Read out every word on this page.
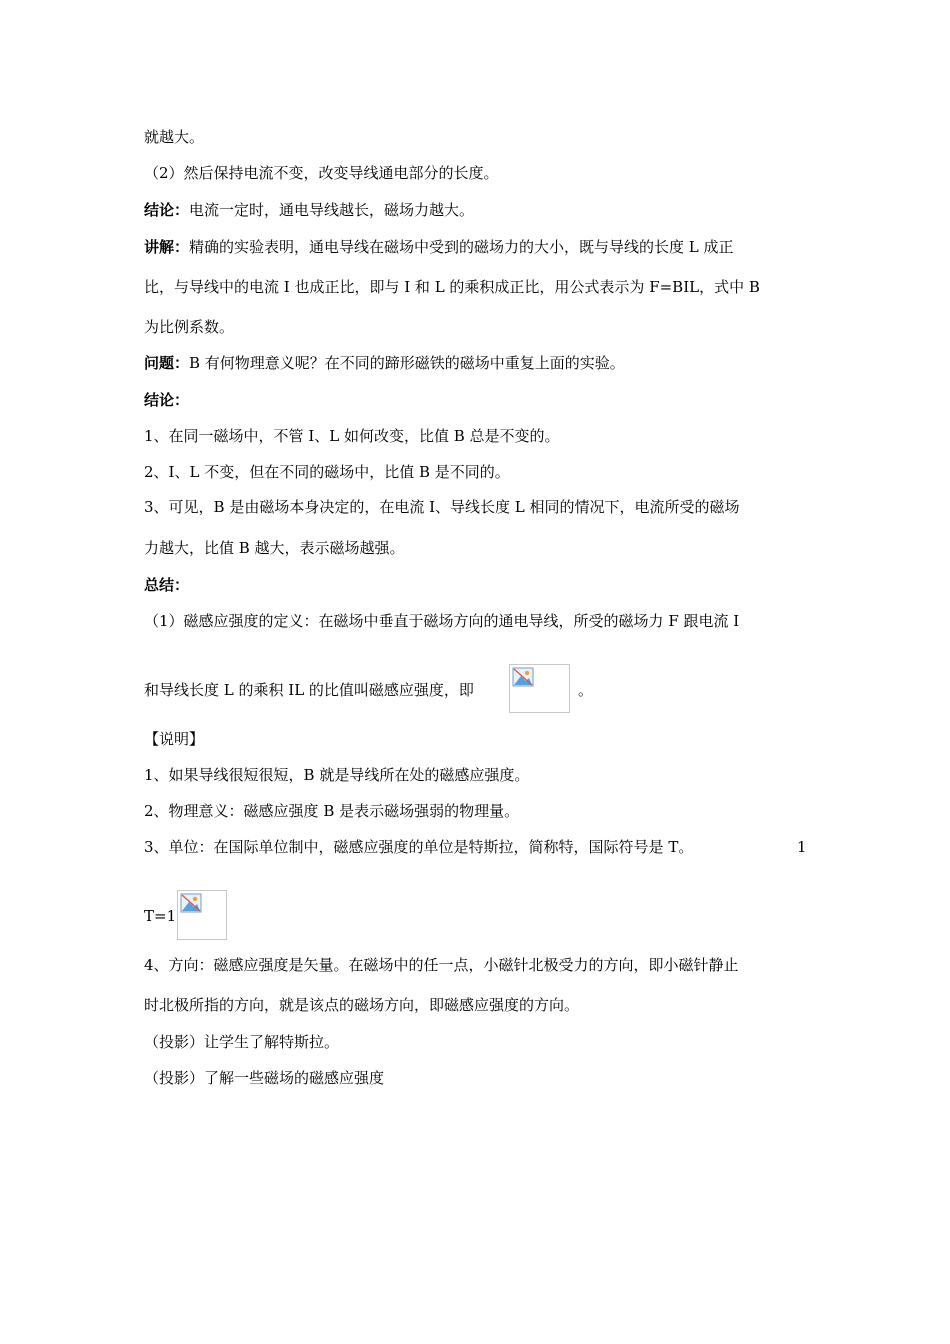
就越大。
（2）然后保持电流不变，改变导线通电部分的长度。
结论：电流一定时，通电导线越长，磁场力越大。
讲解：精确的实验表明，通电导线在磁场中受到的磁场力的大小，既与导线的长度 L 成正
比，与导线中的电流 I 也成正比，即与 I 和 L 的乘积成正比，用公式表示为 F=BIL，式中 B
为比例系数。
问题：B 有何物理意义呢？在不同的蹄形磁铁的磁场中重复上面的实验。
结论：
1、在同一磁场中，不管 I、L 如何改变，比值 B 总是不变的。
2、I、L 不变，但在不同的磁场中，比值 B 是不同的。
3、可见，B 是由磁场本身决定的，在电流 I、导线长度 L 相同的情况下，电流所受的磁场
力越大，比值 B 越大，表示磁场越强。
总结：
（1）磁感应强度的定义：在磁场中垂直于磁场方向的通电导线，所受的磁场力 F 跟电流 I
和导线长度 L 的乘积 IL 的比值叫磁感应强度，即	。
【说明】
1、如果导线很短很短，B 就是导线所在处的磁感应强度。
2、物理意义：磁感应强度 B 是表示磁场强弱的物理量。
3、单位：在国际单位制中，磁感应强度的单位是特斯拉，简称特，国际符号是 T。	1
T=1
4、方向：磁感应强度是矢量。在磁场中的任一点，小磁针北极受力的方向，即小磁针静止
时北极所指的方向，就是该点的磁场方向，即磁感应强度的方向。
（投影）让学生了解特斯拉。
（投影）了解一些磁场的磁感应强度
